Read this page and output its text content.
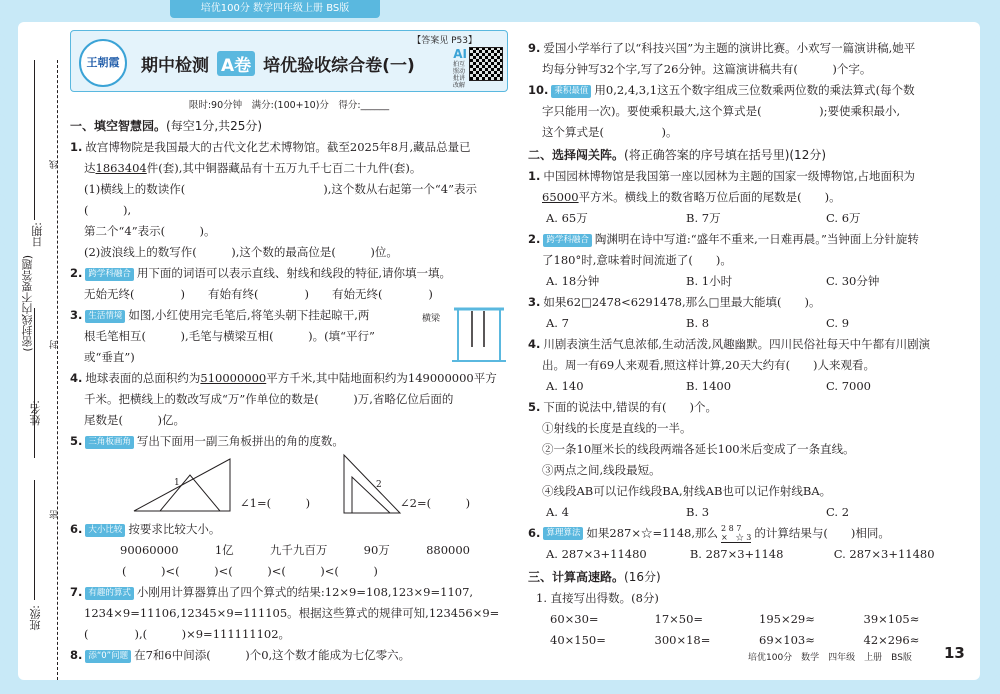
培优100分 数学四年级上册 BS版
日期:
(密封线内不要答题)
姓名:
线
封
密
班级:
王朝霞	期中检测 A卷 培优验收综合卷(一)
【答案见 P53】
AI
拍互照动批讲改解
限时:90分钟　满分:(100+10)分　得分:______
一、填空智慧园。(每空1分,共25分)
1. 故宫博物院是我国最大的古代文化艺术博物馆。截至2025年8月,藏品总量已
达1863404件(套),其中铜器藏品有十五万九千七百二十九件(套)。
(1)横线上的数读作(　　　　　　　　　　　　),这个数从右起第一个“4”表示(　　　),
第二个“4”表示(　　　)。
(2)波浪线上的数写作(　　　),这个数的最高位是(　　　)位。
2. 跨学科融合 用下面的词语可以表示直线、射线和线段的特征,请你填一填。
无始无终(　　　　)　　有始有终(　　　　)　　有始无终(　　　　)
3. 生活情境 如图,小红使用完毛笔后,将笔头朝下挂起晾干,两
根毛笔相互(　　　),毛笔与横梁互相(　　　)。(填“平行”
或“垂直”)
横梁
4. 地球表面的总面积约为510000000平方千米,其中陆地面积约为149000000平方
千米。把横线上的数改写成“万”作单位的数是(　　　)万,省略亿位后面的
尾数是(　　　)亿。
5. 三角板画角 写出下面用一副三角板拼出的角的度数。
1
∠1=(　　　)
2
∠2=(　　　)
6. 大小比较 按要求比较大小。
90060000	1亿	九千九百万	90万	880000
(　　　)<(　　　)<(　　　)<(　　　)<(　　　)
7. 有趣的算式 小刚用计算器算出了四个算式的结果:12×9=108,123×9=1107,
1234×9=11106,12345×9=111105。根据这些算式的规律可知,123456×9=
(　　　　),(　　　)×9=111111102。
8. 添“0”问题 在7和6中间添(　　　)个0,这个数才能成为七亿零六。
9. 爱国小学举行了以“科技兴国”为主题的演讲比赛。小欢写一篇演讲稿,她平
均每分钟写32个字,写了26分钟。这篇演讲稿共有(　　　)个字。
10. 乘积最值 用0,2,4,3,1这五个数字组成三位数乘两位数的乘法算式(每个数
字只能用一次)。要使乘积最大,这个算式是(　　　　　);要使乘积最小,
这个算式是(　　　　　)。
二、选择闯关阵。(将正确答案的序号填在括号里)(12分)
1. 中国园林博物馆是我国第一座以园林为主题的国家一级博物馆,占地面积为
65000平方米。横线上的数省略万位后面的尾数是(　　)。
A. 65万	B. 7万	C. 6万
2. 跨学科融合 陶渊明在诗中写道:“盛年不重来,一日难再晨。”当钟面上分针旋转
了180°时,意味着时间流逝了(　　)。
A. 18分钟	B. 1小时	C. 30分钟
3. 如果62□2478<6291478,那么□里最大能填(　　)。
A. 7	B. 8	C. 9
4. 川剧表演生活气息浓郁,生动活泼,风趣幽默。四川民俗社每天中午都有川剧演
出。周一有69人来观看,照这样计算,20天大约有(　　)人来观看。
A. 140	B. 1400	C. 7000
5. 下面的说法中,错误的有(　　)个。
①射线的长度是直线的一半。
②一条10厘米长的线段两端各延长100米后变成了一条直线。
③两点之间,线段最短。
④线段AB可以记作线段BA,射线AB也可以记作射线BA。
A. 4	B. 3	C. 2
6. 算理算法 如果287×☆=1148,那么 2 8 7
×　☆ 3 的计算结果与(　　)相同。
A. 287×3+11480	B. 287×3+1148	C. 287×3+11480
三、计算高速路。(16分)
1. 直接写出得数。(8分)
60×30=	17×50=	195×29≈	39×105≈
40×150=	300×18=	69×103≈	42×296≈
培优100分　数学　四年级　上册　BS版 13
